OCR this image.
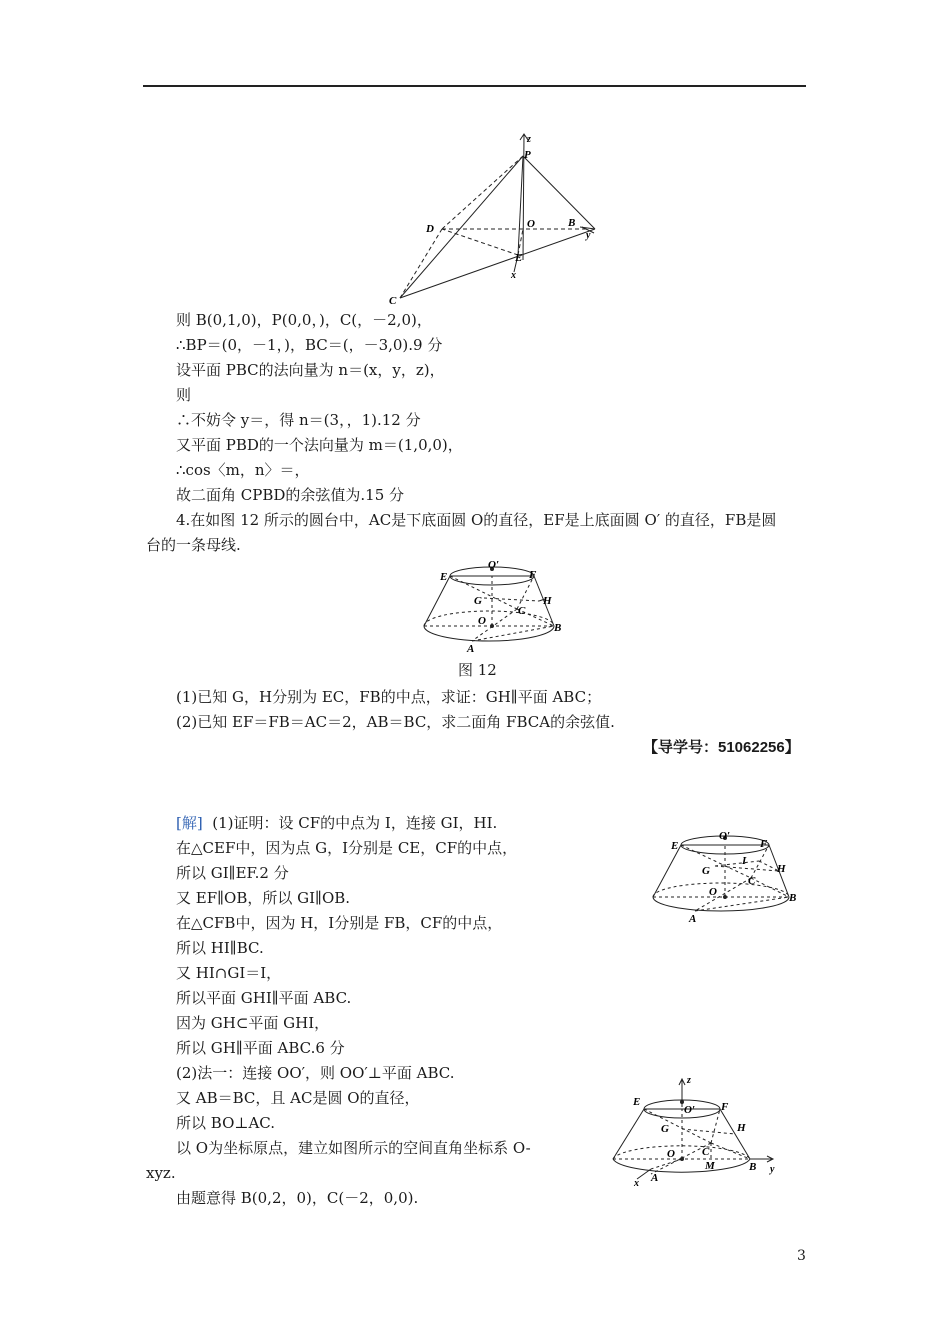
z
P
D	O	B
y
E
x
C
则 B(0,1,0)，P(0,0，)，C(，－2,0)，
∴BP＝(0，－1，)，BC＝(，－3,0).9 分
设平面 PBC的法向量为 n＝(x，y，z)，
则
∴不妨令 y＝，得 n＝(3，，1).12 分
又平面 PBD的一个法向量为 m＝(1,0,0)，
∴cos〈m，n〉＝，
故二面角 CPBD的余弦值为.15 分
4.在如图 12 所示的圆台中，AC是下底面圆 O的直径，EF是上底面圆 O′ 的直径，FB是圆
台的一条母线.
E
O′
F
G	H
C
O
B
A
图 12
(1)已知 G，H分别为 EC，FB的中点，求证：GH∥平面 ABC；
(2)已知 EF＝FB＝AC＝2，AB＝BC，求二面角 FBCA的余弦值.
【导学号：51062256】
[解] (1)证明：设 CF的中点为 I，连接 GI，HI.
在△CEF中，因为点 G，I分别是 CE，CF的中点，
所以 GI∥EF.2 分
又 EF∥OB，所以 GI∥OB.
在△CFB中，因为 H，I分别是 FB，CF的中点，
所以 HI∥BC.
又 HI∩GI＝I，
所以平面 GHI∥平面 ABC.
因为 GH⊂平面 GHI，
所以 GH∥平面 ABC.6 分
(2)法一：连接 OO′，则 OO′⊥平面 ABC.
又 AB＝BC，且 AC是圆 O的直径，
所以 BO⊥AC.
以 O为坐标原点，建立如图所示的空间直角坐标系 O-
xyz.
由题意得 B(0,2，0)，C(－2，0,0).
E
O′
F
I
H
G
C
O	B
A
z
E
O′ F
G	H
C
O
M	B y
x A
3
